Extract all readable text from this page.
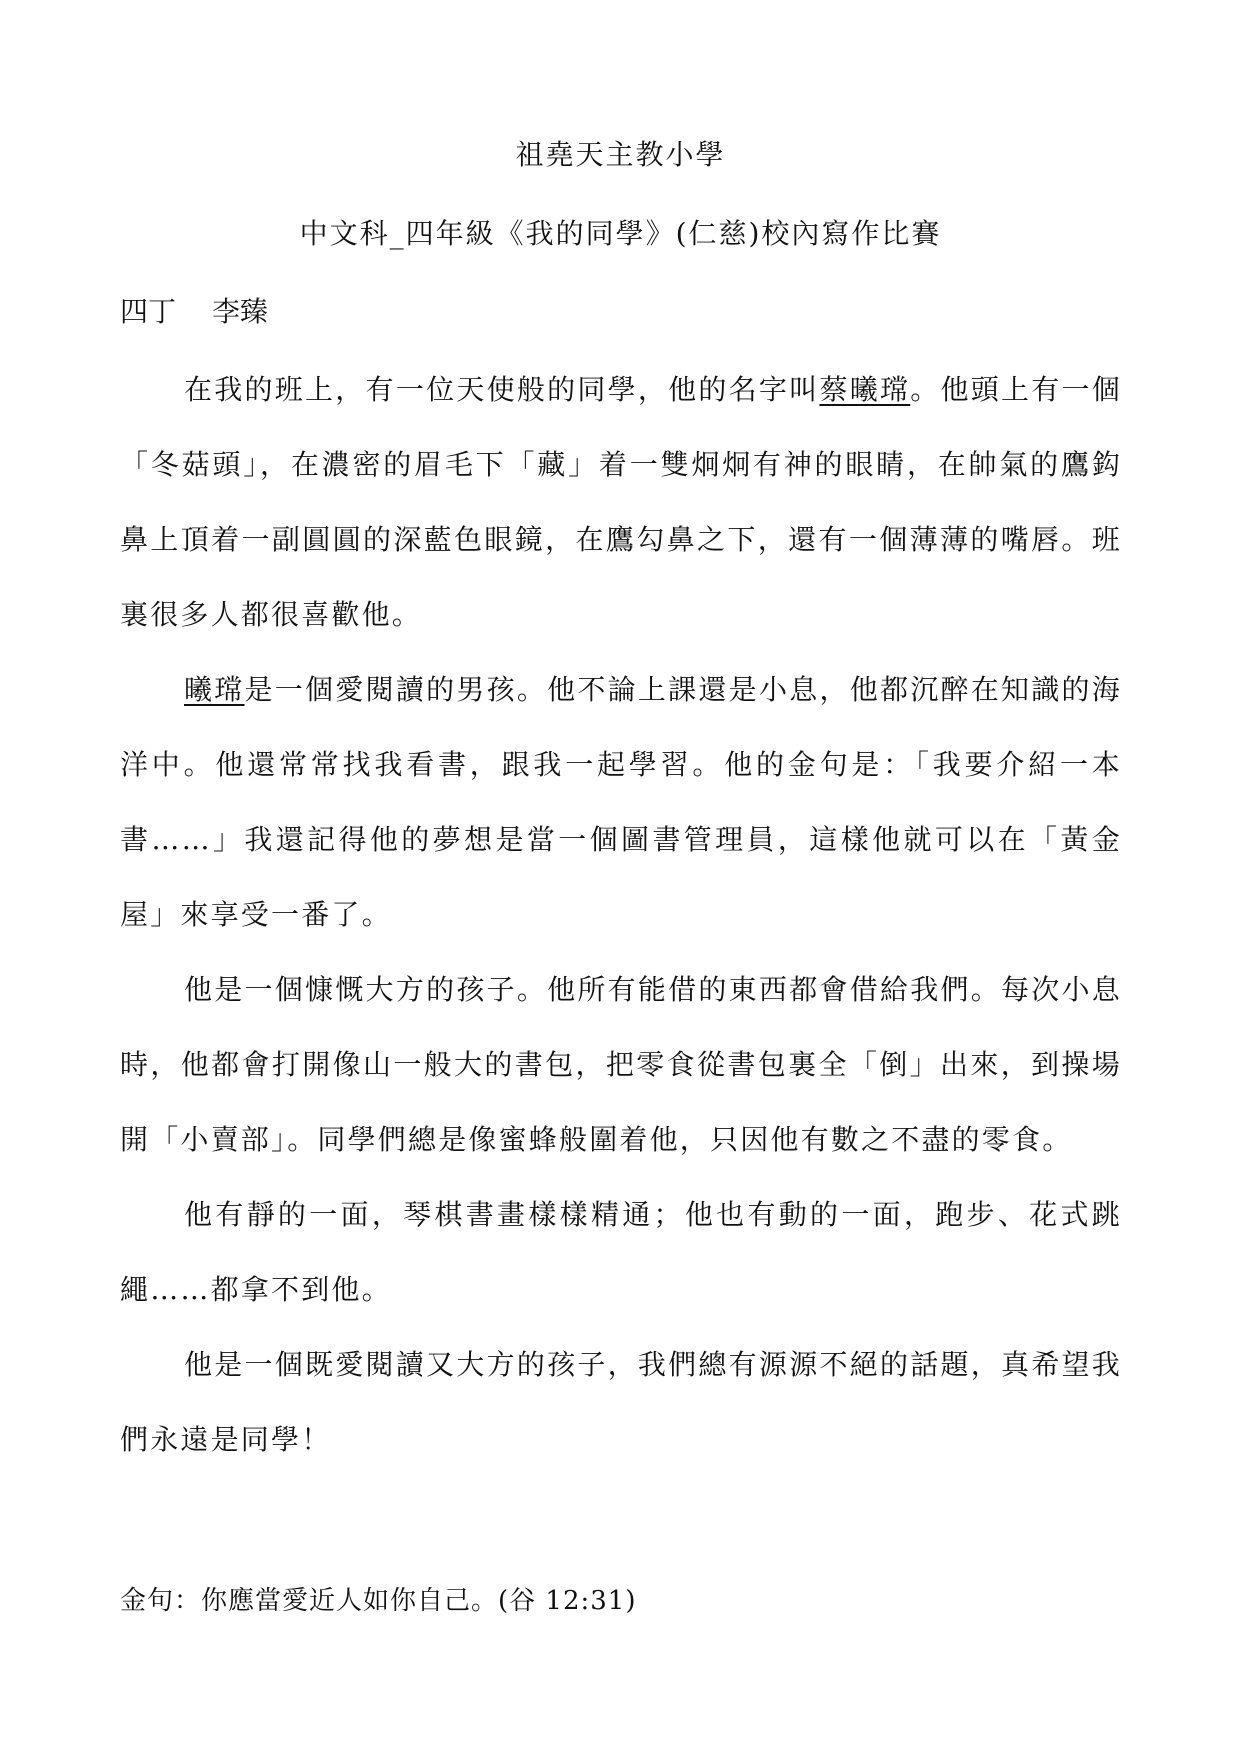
祖堯天主教小學
中文科_四年級《我的同學》(仁慈)校內寫作比賽
四丁 李臻

在我的班上，有一位天使般的同學，他的名字叫蔡曦瑺。他頭上有一個「冬菇頭」，在濃密的眉毛下「藏」着一雙炯炯有神的眼睛，在帥氣的鷹鈎鼻上頂着一副圓圓的深藍色眼鏡，在鷹勾鼻之下，還有一個薄薄的嘴唇。班裏很多人都很喜歡他。

曦瑺是一個愛閱讀的男孩。他不論上課還是小息，他都沉醉在知識的海洋中。他還常常找我看書，跟我一起學習。他的金句是：「我要介紹一本書……」我還記得他的夢想是當一個圖書管理員，這樣他就可以在「黃金屋」來享受一番了。

他是一個慷慨大方的孩子。他所有能借的東西都會借給我們。每次小息時，他都會打開像山一般大的書包，把零食從書包裏全「倒」出來，到操場開「小賣部」。同學們總是像蜜蜂般圍着他，只因他有數之不盡的零食。

他有靜的一面，琴棋書畫樣樣精通；他也有動的一面，跑步、花式跳繩……都拿不到他。

他是一個既愛閱讀又大方的孩子，我們總有源源不絕的話題，真希望我們永遠是同學！

金句：你應當愛近人如你自己。(谷 12:31)
